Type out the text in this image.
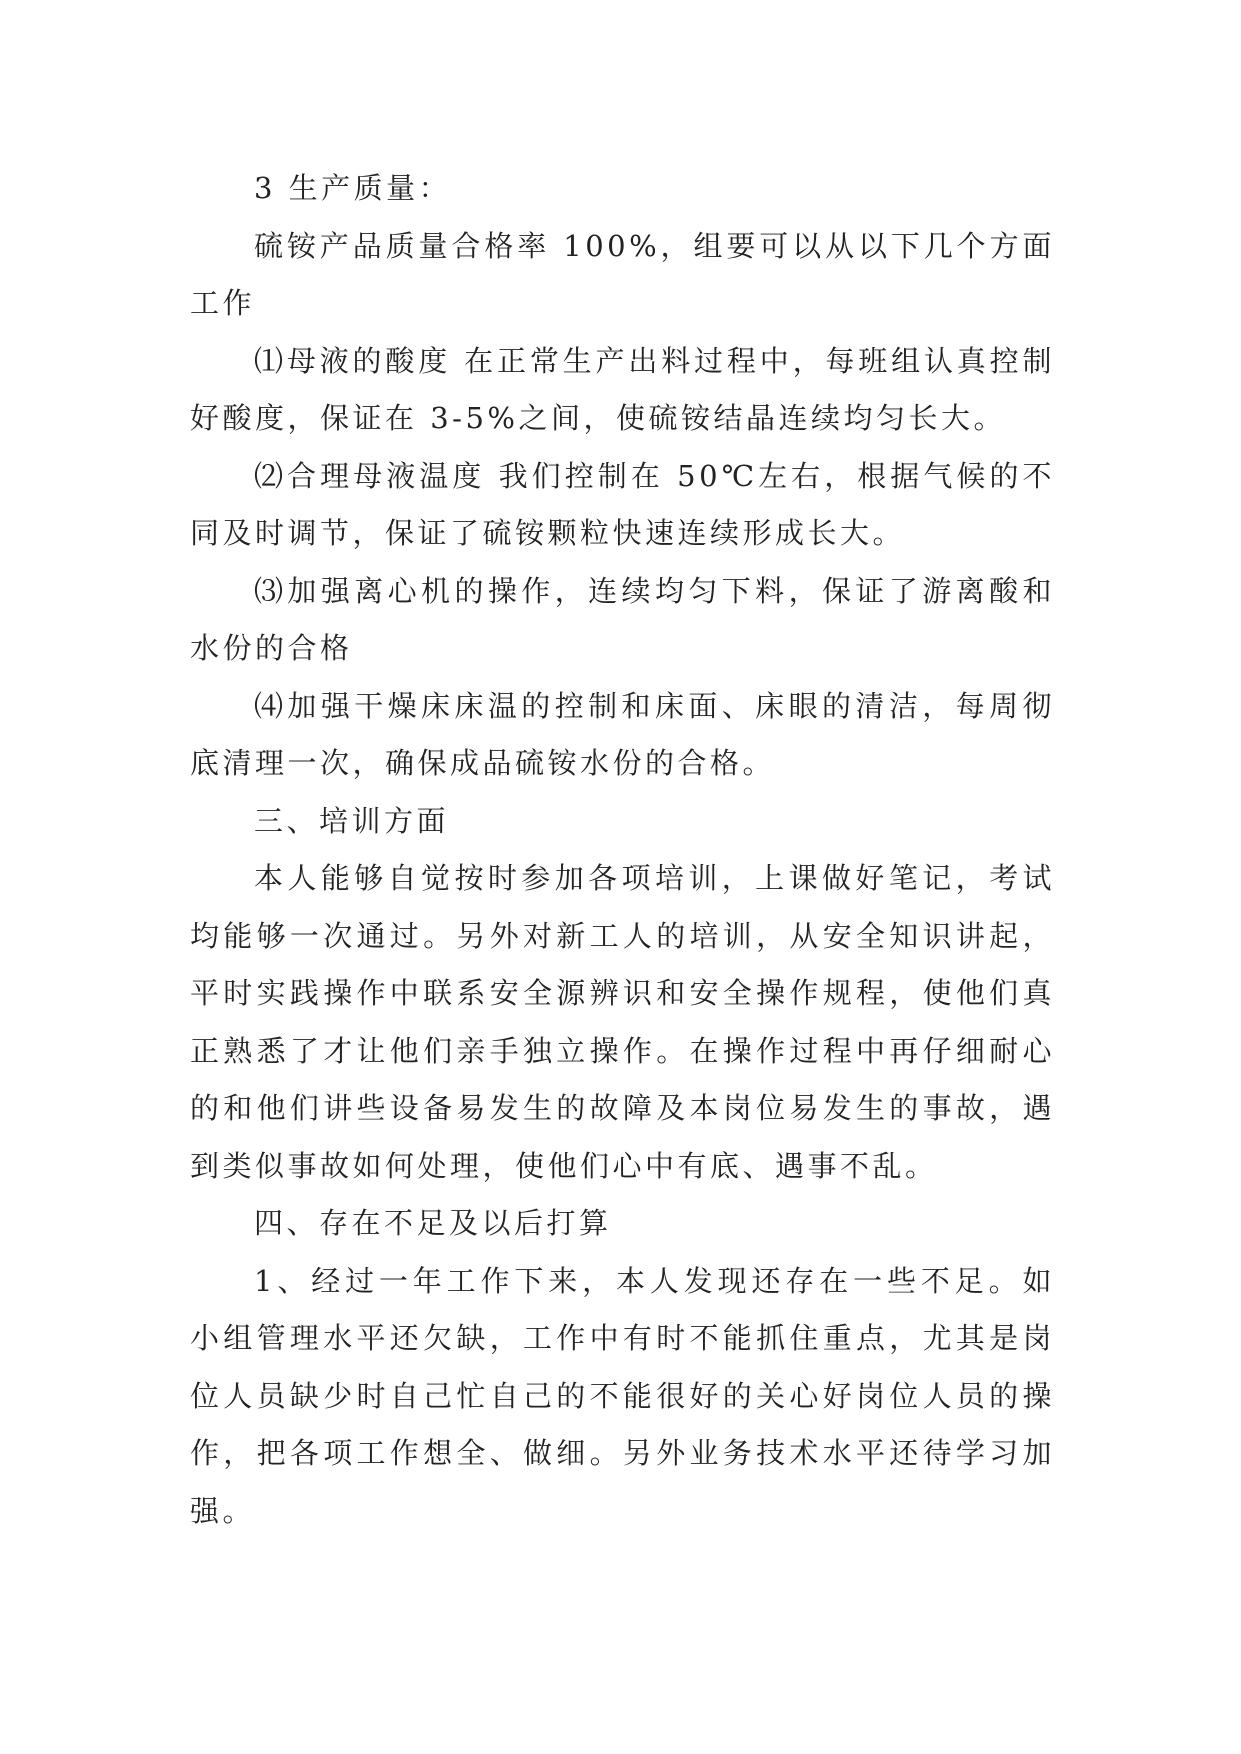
3 生产质量：

硫铵产品质量合格率 100%，组要可以从以下几个方面工作

⑴母液的酸度 在正常生产出料过程中，每班组认真控制好酸度，保证在 3-5%之间，使硫铵结晶连续均匀长大。

⑵合理母液温度 我们控制在 50℃左右，根据气候的不同及时调节，保证了硫铵颗粒快速连续形成长大。

⑶加强离心机的操作，连续均匀下料，保证了游离酸和水份的合格

⑷加强干燥床床温的控制和床面、床眼的清洁，每周彻底清理一次，确保成品硫铵水份的合格。

三、培训方面

本人能够自觉按时参加各项培训，上课做好笔记，考试均能够一次通过。另外对新工人的培训，从安全知识讲起，平时实践操作中联系安全源辨识和安全操作规程，使他们真正熟悉了才让他们亲手独立操作。在操作过程中再仔细耐心的和他们讲些设备易发生的故障及本岗位易发生的事故，遇到类似事故如何处理，使他们心中有底、遇事不乱。

四、存在不足及以后打算

1、经过一年工作下来，本人发现还存在一些不足。如小组管理水平还欠缺，工作中有时不能抓住重点，尤其是岗位人员缺少时自己忙自己的不能很好的关心好岗位人员的操作，把各项工作想全、做细。另外业务技术水平还待学习加强。
